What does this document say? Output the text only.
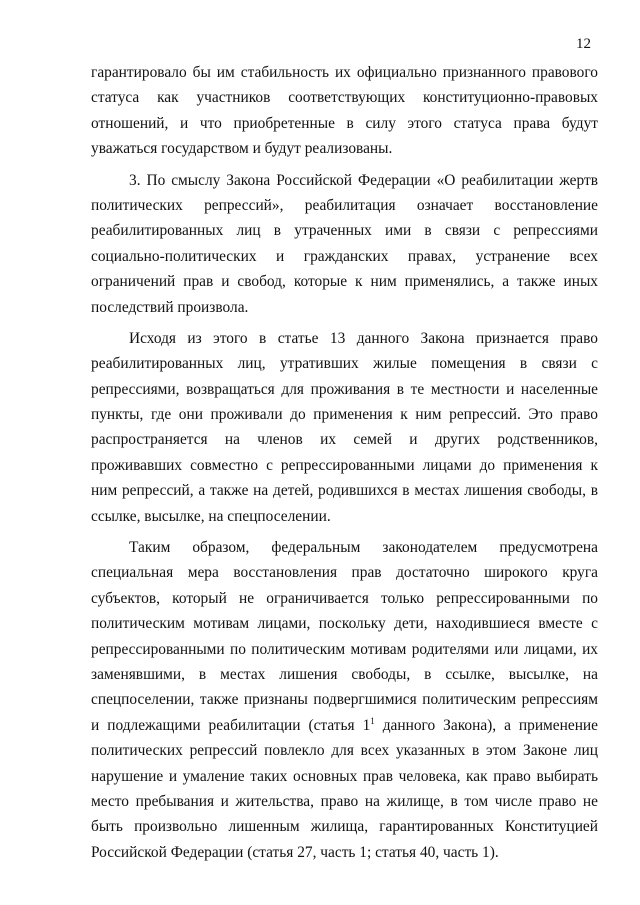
12
гарантировало бы им стабильность их официально признанного правового
статуса как участников соответствующих конституционно-правовых
отношений, и что приобретенные в силу этого статуса права будут
уважаться государством и будут реализованы.
3. По смыслу Закона Российской Федерации «О реабилитации жертв
политических репрессий», реабилитация означает восстановление
реабилитированных лиц в утраченных ими в связи с репрессиями
социально-политических и гражданских правах, устранение всех
ограничений прав и свобод, которые к ним применялись, а также иных
последствий произвола.
Исходя из этого в статье 13 данного Закона признается право
реабилитированных лиц, утративших жилые помещения в связи с
репрессиями, возвращаться для проживания в те местности и населенные
пункты, где они проживали до применения к ним репрессий. Это право
распространяется на членов их семей и других родственников,
проживавших совместно с репрессированными лицами до применения к
ним репрессий, а также на детей, родившихся в местах лишения свободы, в
ссылке, высылке, на спецпоселении.
Таким образом, федеральным законодателем предусмотрена
специальная мера восстановления прав достаточно широкого круга
субъектов, который не ограничивается только репрессированными по
политическим мотивам лицами, поскольку дети, находившиеся вместе с
репрессированными по политическим мотивам родителями или лицами, их
заменявшими, в местах лишения свободы, в ссылке, высылке, на
спецпоселении, также признаны подвергшимися политическим репрессиям
и подлежащими реабилитации (статья $1^1$ данного Закона), а применение
политических репрессий повлекло для всех указанных в этом Законе лиц
нарушение и умаление таких основных прав человека, как право выбирать
место пребывания и жительства, право на жилище, в том числе право не
быть произвольно лишенным жилища, гарантированных Конституцией
Российской Федерации (статья 27, часть 1; статья 40, часть 1).
